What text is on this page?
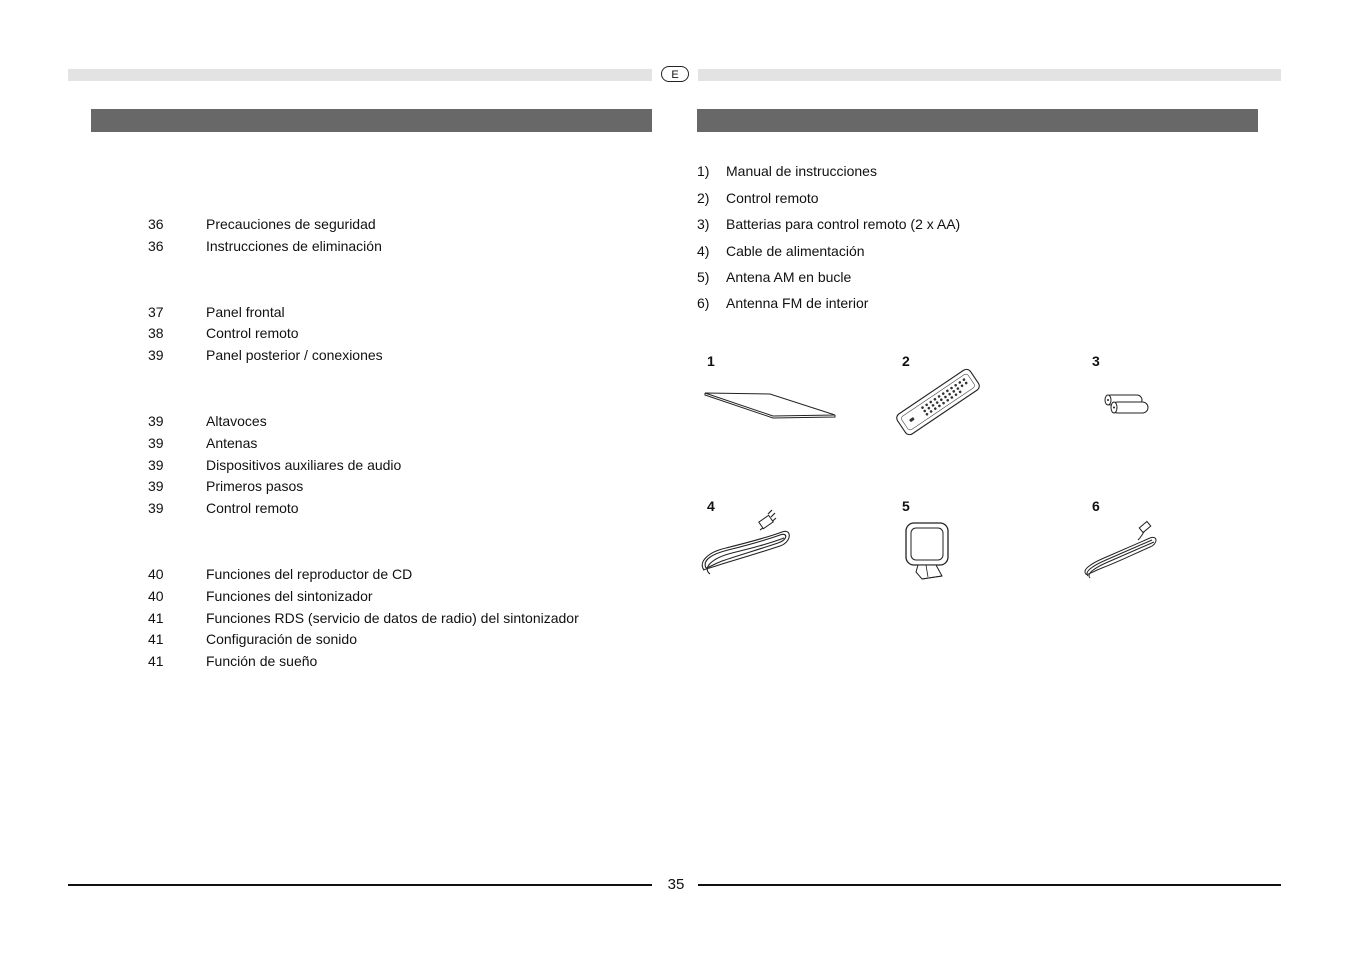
E
36	Precauciones de seguridad
36	Instrucciones de eliminación
37	Panel frontal
38	Control remoto
39	Panel posterior / conexiones
39	Altavoces
39	Antenas
39	Dispositivos auxiliares de audio
39	Primeros pasos
39	Control remoto
40	Funciones del reproductor de CD
40	Funciones del sintonizador
41	Funciones RDS (servicio de datos de radio) del sintonizador
41	Configuración de sonido
41	Función de sueño
1)	Manual de instrucciones
2)	Control remoto
3)	Batterias para control remoto (2 x AA)
4)	Cable de alimentación
5)	Antena AM en bucle
6)	Antenna FM de interior
1	2	3
4	5	6
35
